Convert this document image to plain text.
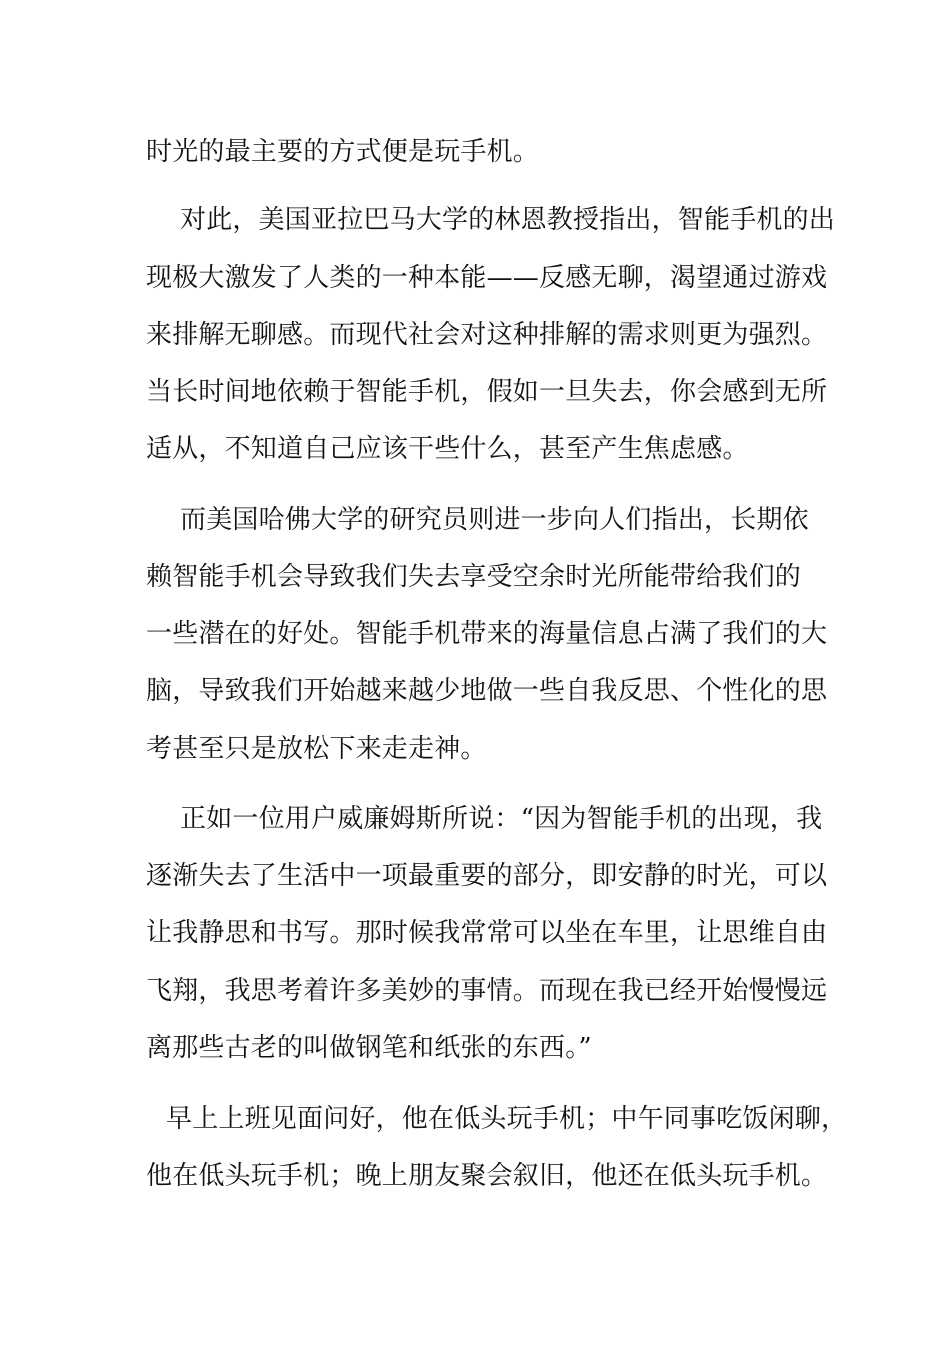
时光的最主要的方式便是玩手机。

对此，美国亚拉巴马大学的林恩教授指出，智能手机的出

现极大激发了人类的一种本能——反感无聊，渴望通过游戏

来排解无聊感。而现代社会对这种排解的需求则更为强烈。

当长时间地依赖于智能手机，假如一旦失去，你会感到无所

适从，不知道自己应该干些什么，甚至产生焦虑感。

而美国哈佛大学的研究员则进一步向人们指出，长期依

赖智能手机会导致我们失去享受空余时光所能带给我们的

一些潜在的好处。智能手机带来的海量信息占满了我们的大

脑，导致我们开始越来越少地做一些自我反思、个性化的思

考甚至只是放松下来走走神。

正如一位用户威廉姆斯所说：“因为智能手机的出现，我

逐渐失去了生活中一项最重要的部分，即安静的时光，可以

让我静思和书写。那时候我常常可以坐在车里，让思维自由

飞翔，我思考着许多美妙的事情。而现在我已经开始慢慢远

离那些古老的叫做钢笔和纸张的东西。”

早上上班见面问好，他在低头玩手机；中午同事吃饭闲聊，

他在低头玩手机；晚上朋友聚会叙旧，他还在低头玩手机。
